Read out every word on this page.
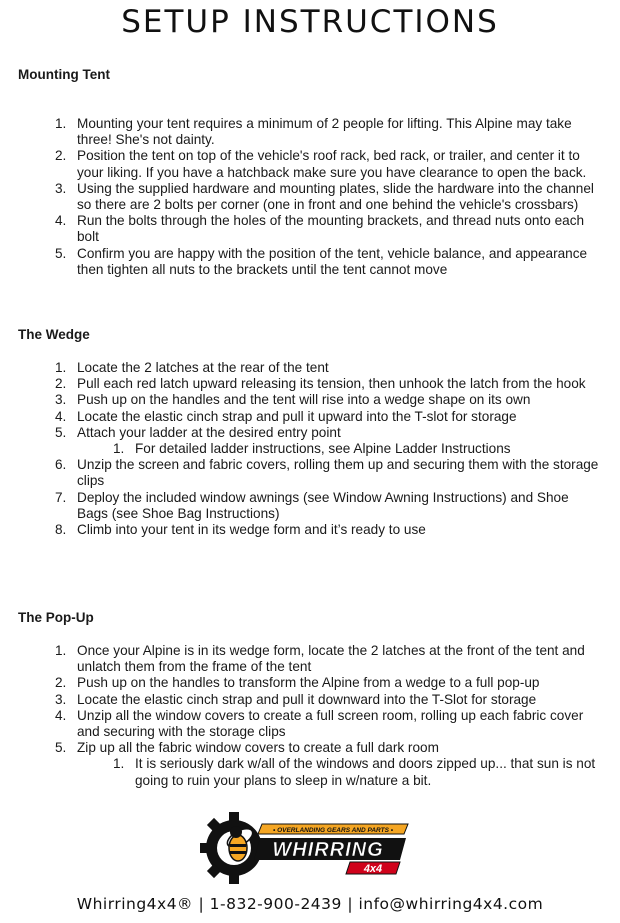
SETUP INSTRUCTIONS
Mounting Tent
1. Mounting your tent requires a minimum of 2 people for lifting. This Alpine may take three! She's not dainty.
2. Position the tent on top of the vehicle's roof rack, bed rack, or trailer, and center it to your liking. If you have a hatchback make sure you have clearance to open the back.
3. Using the supplied hardware and mounting plates, slide the hardware into the channel so there are 2 bolts per corner (one in front and one behind the vehicle's crossbars)
4. Run the bolts through the holes of the mounting brackets, and thread nuts onto each bolt
5. Confirm you are happy with the position of the tent, vehicle balance, and appearance then tighten all nuts to the brackets until the tent cannot move
The Wedge
1. Locate the 2 latches at the rear of the tent
2. Pull each red latch upward releasing its tension, then unhook the latch from the hook
3. Push up on the handles and the tent will rise into a wedge shape on its own
4. Locate the elastic cinch strap and pull it upward into the T-slot for storage
5. Attach your ladder at the desired entry point
1. For detailed ladder instructions, see Alpine Ladder Instructions
6. Unzip the screen and fabric covers, rolling them up and securing them with the storage clips
7. Deploy the included window awnings (see Window Awning Instructions) and Shoe Bags (see Shoe Bag Instructions)
8. Climb into your tent in its wedge form and it’s ready to use
The Pop-Up
1. Once your Alpine is in its wedge form, locate the 2 latches at the front of the tent and unlatch them from the frame of the tent
2. Push up on the handles to transform the Alpine from a wedge to a full pop-up
3. Locate the elastic cinch strap and pull it downward into the T-Slot for storage
4. Unzip all the window covers to create a full screen room, rolling up each fabric cover and securing with the storage clips
5. Zip up all the fabric window covers to create a full dark room
1. It is seriously dark w/all of the windows and doors zipped up... that sun is not going to ruin your plans to sleep in w/nature a bit.
• OVERLANDING GEARS AND PARTS •
WHIRRING
4x4
Whirring4x4® | 1-832-900-2439 | info@whirring4x4.com
